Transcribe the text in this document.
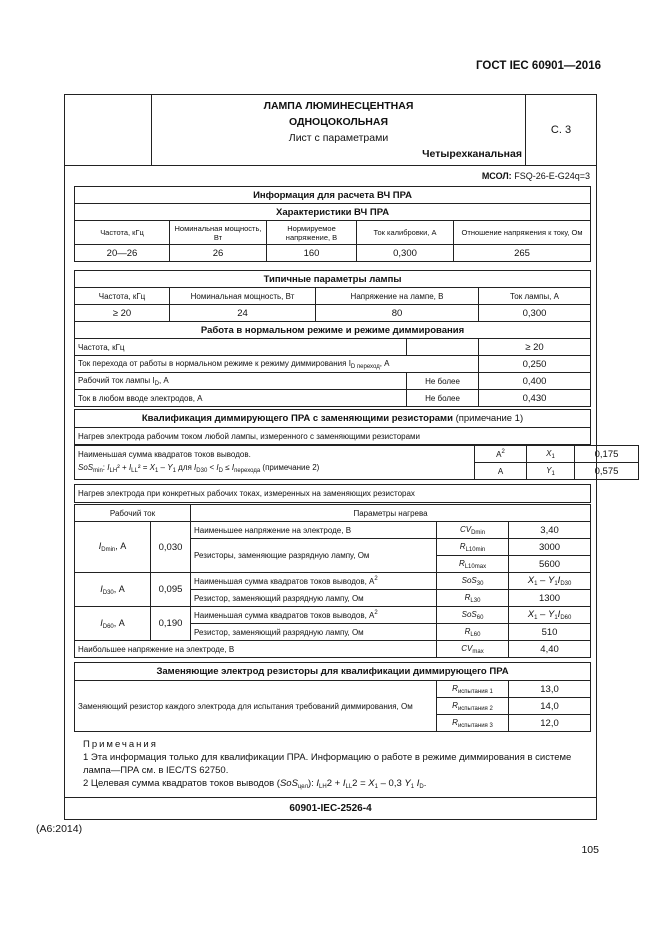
ГОСТ IEC 60901—2016
ЛАМПА ЛЮМИНЕСЦЕНТНАЯ
ОДНОЦОКОЛЬНАЯ
Лист с параметрами
Четырехканальная
С. 3
МСОЛ: FSQ-26-E-G24q=3
Информация для расчета ВЧ ПРА				
Характеристики ВЧ ПРА				
Частота, кГц	Номинальная мощность, Вт	Нормируемое напряжение, В	Ток калибровки, А	Отношение напряжения к току, Ом
20—26	26	160	0,300	265
Типичные параметры лампы				
Частота, кГц	Номинальная мощность, Вт	Напряжение на лампе, В		Ток лампы, А
≥ 20	24	80		0,300
Работа в нормальном режиме и режиме диммирования				
Частота, кГц				≥ 20
Ток перехода от работы в нормальном режиме к режиму диммирования $I_{D переход}$, А				0,250
Рабочий ток лампы $I_D$, А			Не более	0,400
Ток в любом вводе электродов, А			Не более	0,430
Квалификация диммирующего ПРА с заменяющими резисторами (примечание 1)
Нагрев электрода рабочим током любой лампы, измеренного с заменяющими резисторами
Наименьшая сумма квадратов токов выводов.
SoS$_{min}$: $I_{LH}^2 + I_{LL}^2 = X_1 - Y_1$ для $I_{D30} < I_D \le I_{перехода}$ (примечание 2)	$A^2$	$X_1$	0,175
	A	$Y_1$	0,575
Нагрев электрода при конкретных рабочих токах, измеренных на заменяющих резисторах
Рабочий ток		Параметры нагрева		
$I_{Dmin}$, А	0,030	Наименьшее напряжение на электроде, В	$CV_{Dmin}$	3,40
		Резисторы, заменяющие разрядную лампу, Ом	$R_{L10min}$	3000
			$R_{L10max}$	5600
$I_{D30}$, А	0,095	Наименьшая сумма квадратов токов выводов, $А^2$	SoS$_{30}$	$X_1 - Y_1I_{D30}$
		Резистор, заменяющий разрядную лампу, Ом	$R_{L30}$	1300
$I_{D60}$, А	0,190	Наименьшая сумма квадратов токов выводов, $А^2$	SoS$_{60}$	$X_1 - Y_1I_{D60}$
		Резистор, заменяющий разрядную лампу, Ом	$R_{L60}$	510
Наибольшее напряжение на электроде, В			$CV_{max}$	4,40
Заменяющие электрод резисторы для квалификации диммирующего ПРА		
Заменяющий резистор каждого электрода для испытания требований диммирования, Ом	$R_{испытания 1}$	13,0
	$R_{испытания 2}$	14,0
	$R_{испытания 3}$	12,0
Примечания
1 Эта информация только для квалификации ПРА. Информацию о работе в режиме диммирования в системе лампа—ПРА см. в IEC/TS 62750.
2 Целевая сумма квадратов токов выводов (SoS$_{цел}$): $I_{LH}2 + I_{LL}2 = X_1 - 0,3$ $Y_1$ $I_D$.
60901-IEC-2526-4
(А6:2014)
105
